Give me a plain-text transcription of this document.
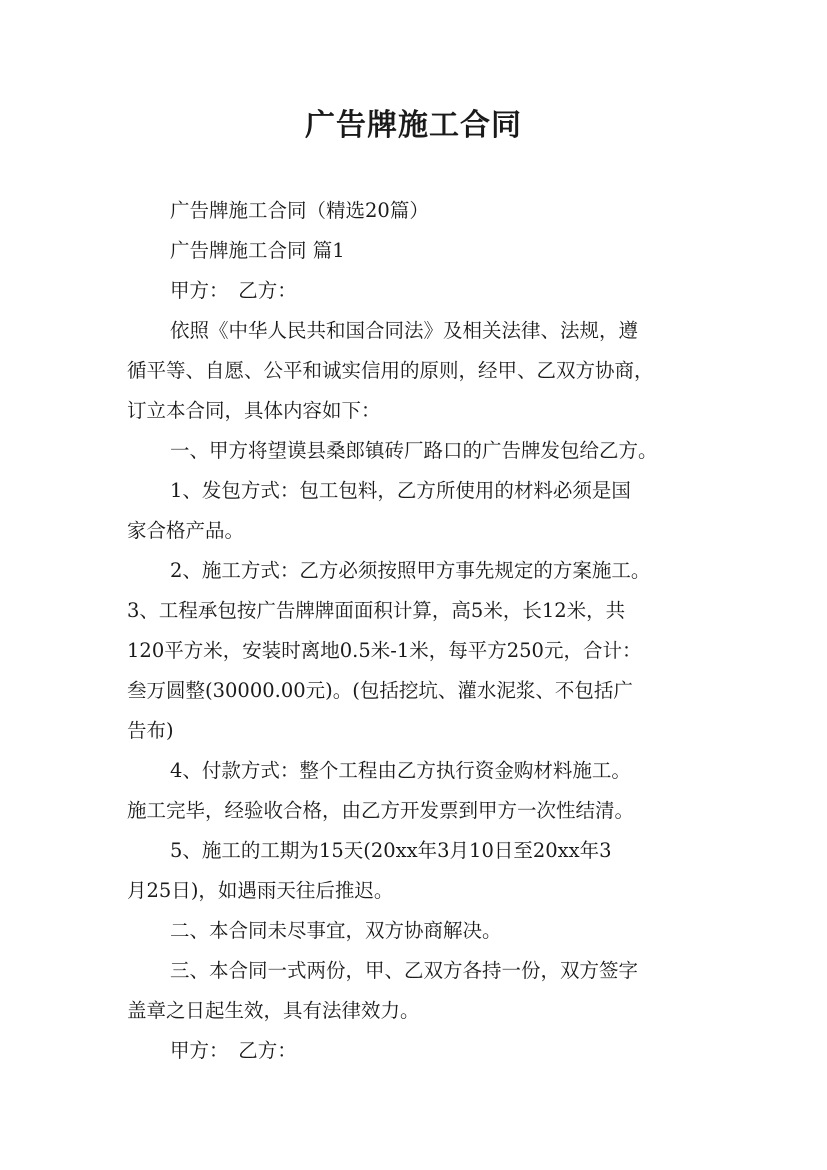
广告牌施工合同
广告牌施工合同（精选20篇）
广告牌施工合同 篇1
甲方：　乙方：
依照《中华人民共和国合同法》及相关法律、法规，遵
循平等、自愿、公平和诚实信用的原则，经甲、乙双方协商，
订立本合同，具体内容如下：
一、甲方将望谟县桑郎镇砖厂路口的广告牌发包给乙方。
1、发包方式：包工包料，乙方所使用的材料必须是国
家合格产品。
2、施工方式：乙方必须按照甲方事先规定的方案施工。
3、工程承包按广告牌牌面面积计算，高5米，长12米，共
120平方米，安装时离地0.5米-1米，每平方250元，合计：
叁万圆整(30000.00元)。(包括挖坑、灌水泥浆、不包括广
告布)
4、付款方式：整个工程由乙方执行资金购材料施工。
施工完毕，经验收合格，由乙方开发票到甲方一次性结清。
5、施工的工期为15天(20xx年3月10日至20xx年3
月25日)，如遇雨天往后推迟。
二、本合同未尽事宜，双方协商解决。
三、本合同一式两份，甲、乙双方各持一份，双方签字
盖章之日起生效，具有法律效力。
甲方：　乙方：
